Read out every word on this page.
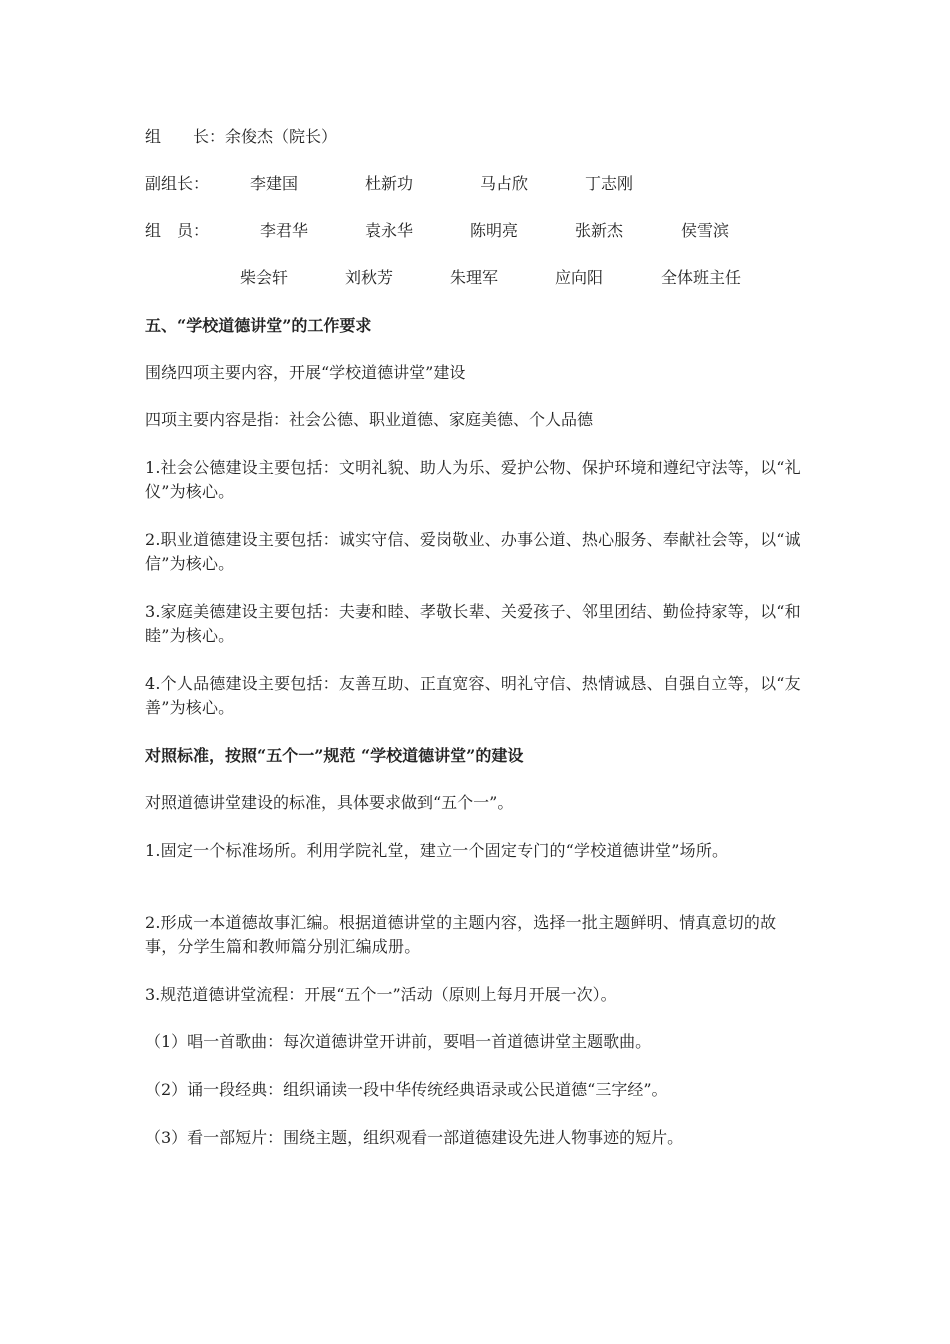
组　　长：余俊杰（院长）
副组长：	李建国	杜新功	马占欣	丁志刚
组　员：	李君华	袁永华	陈明亮	张新杰	侯雪滨
柴会轩	刘秋芳	朱理军	应向阳	全体班主任
五、“学校道德讲堂”的工作要求
围绕四项主要内容，开展“学校道德讲堂”建设
四项主要内容是指：社会公德、职业道德、家庭美德、个人品德
1.社会公德建设主要包括：文明礼貌、助人为乐、爱护公物、保护环境和遵纪守法等，以“礼仪”为核心。
2.职业道德建设主要包括：诚实守信、爱岗敬业、办事公道、热心服务、奉献社会等，以“诚信”为核心。
3.家庭美德建设主要包括：夫妻和睦、孝敬长辈、关爱孩子、邻里团结、勤俭持家等，以“和睦”为核心。
4.个人品德建设主要包括：友善互助、正直宽容、明礼守信、热情诚恳、自强自立等，以“友善”为核心。
对照标准，按照“五个一”规范 “学校道德讲堂”的建设
对照道德讲堂建设的标准，具体要求做到“五个一”。
1.固定一个标准场所。利用学院礼堂，建立一个固定专门的“学校道德讲堂”场所。
2.形成一本道德故事汇编。根据道德讲堂的主题内容，选择一批主题鲜明、情真意切的故事，分学生篇和教师篇分别汇编成册。
3.规范道德讲堂流程：开展“五个一”活动（原则上每月开展一次）。
（1）唱一首歌曲：每次道德讲堂开讲前，要唱一首道德讲堂主题歌曲。
（2）诵一段经典：组织诵读一段中华传统经典语录或公民道德“三字经”。
（3）看一部短片：围绕主题，组织观看一部道德建设先进人物事迹的短片。
